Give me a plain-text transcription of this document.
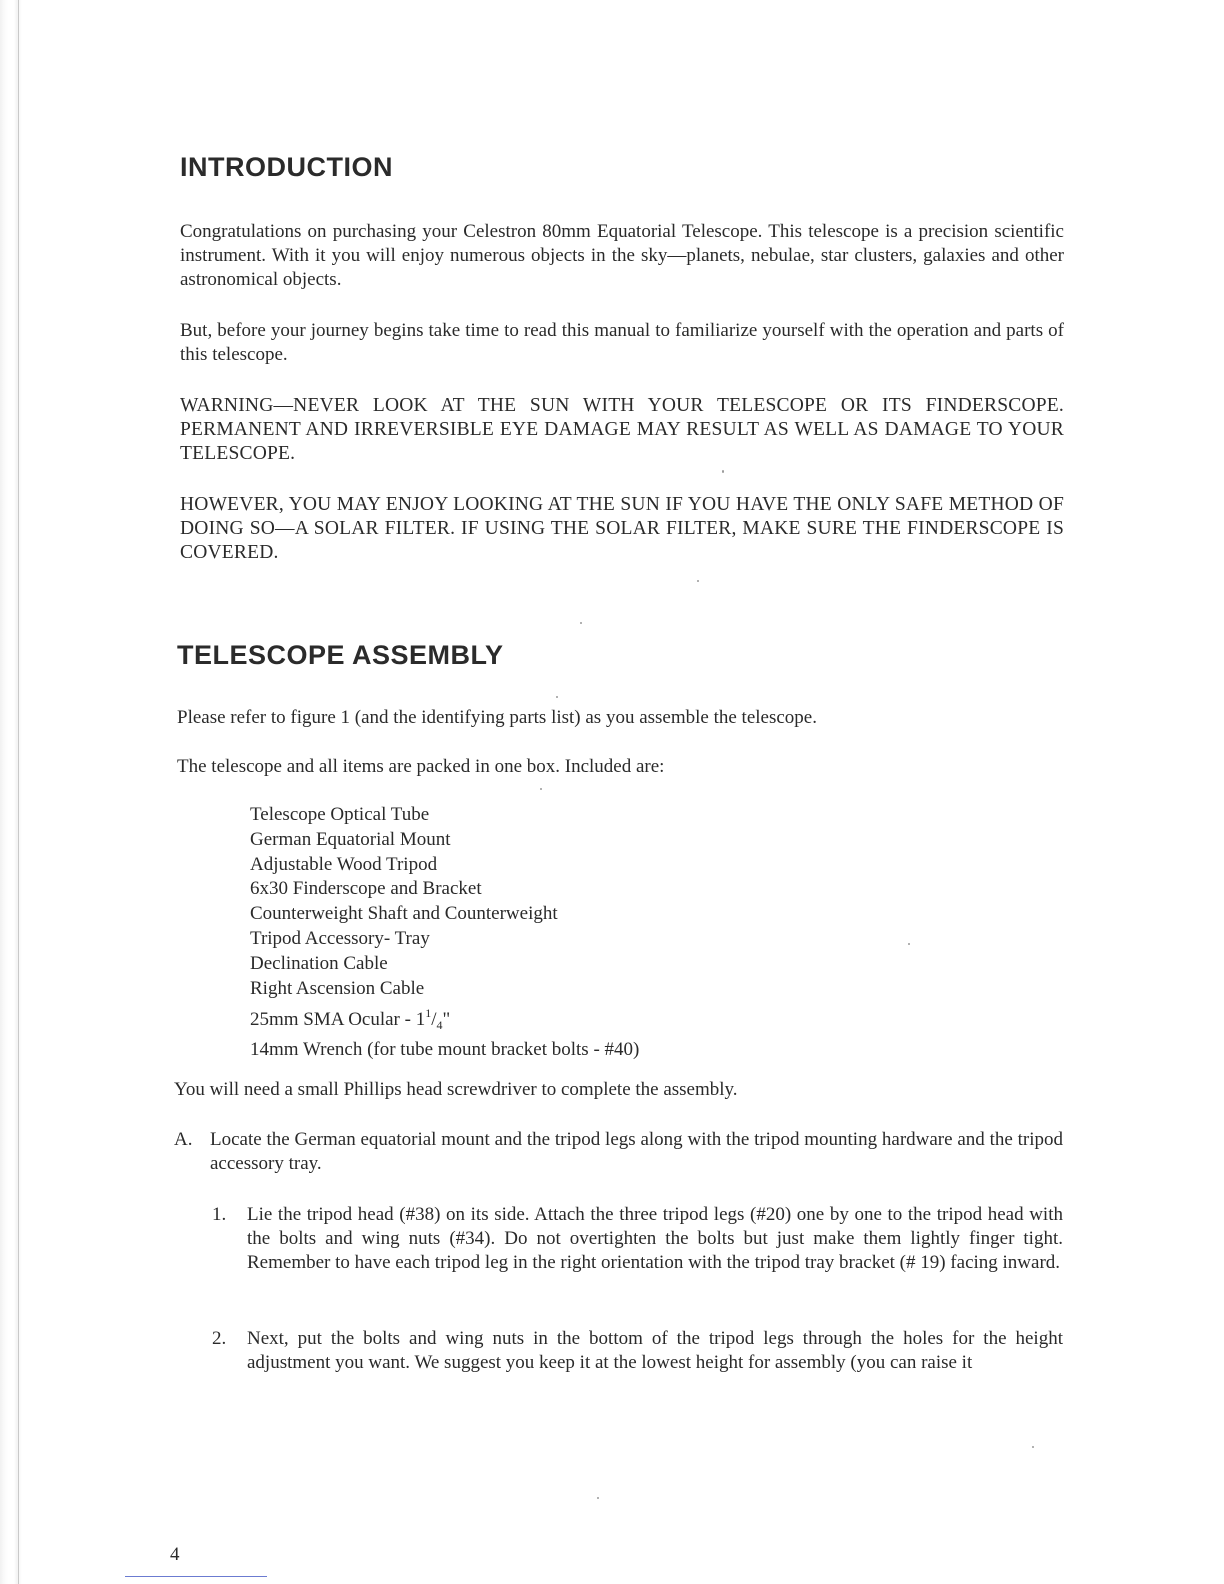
INTRODUCTION

Congratulations on purchasing your Celestron 80mm Equatorial Telescope. This telescope is a precision scientific instrument. With it you will enjoy numerous objects in the sky—planets, nebulae, star clusters, galaxies and other astronomical objects.

But, before your journey begins take time to read this manual to familiarize yourself with the operation and parts of this telescope.

WARNING—NEVER LOOK AT THE SUN WITH YOUR TELESCOPE OR ITS FINDERSCOPE. PERMANENT AND IRREVERSIBLE EYE DAMAGE MAY RESULT AS WELL AS DAMAGE TO YOUR TELESCOPE.

HOWEVER, YOU MAY ENJOY LOOKING AT THE SUN IF YOU HAVE THE ONLY SAFE METHOD OF DOING SO—A SOLAR FILTER. IF USING THE SOLAR FILTER, MAKE SURE THE FINDERSCOPE IS COVERED.

TELESCOPE ASSEMBLY

Please refer to figure 1 (and the identifying parts list) as you assemble the telescope.

The telescope and all items are packed in one box. Included are:

Telescope Optical Tube
German Equatorial Mount
Adjustable Wood Tripod
6x30 Finderscope and Bracket
Counterweight Shaft and Counterweight
Tripod Accessory- Tray
Declination Cable
Right Ascension Cable
25mm SMA Ocular - $1^1/_4$"
14mm Wrench (for tube mount bracket bolts - #40)

You will need a small Phillips head screwdriver to complete the assembly.

A. Locate the German equatorial mount and the tripod legs along with the tripod mounting hardware and the tripod accessory tray.

1. Lie the tripod head (#38) on its side. Attach the three tripod legs (#20) one by one to the tripod head with the bolts and wing nuts (#34). Do not overtighten the bolts but just make them lightly finger tight. Remember to have each tripod leg in the right orientation with the tripod tray bracket (# 19) facing inward.

2. Next, put the bolts and wing nuts in the bottom of the tripod legs through the holes for the height adjustment you want. We suggest you keep it at the lowest height for assembly (you can raise it

4
